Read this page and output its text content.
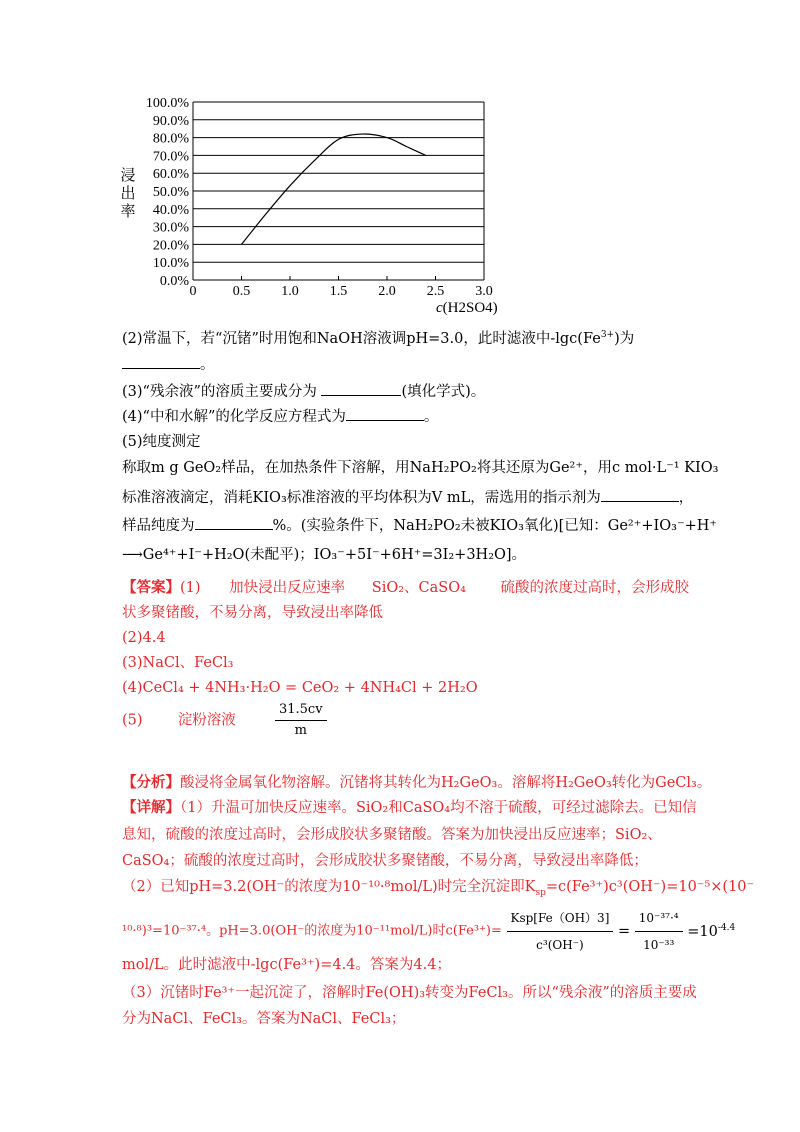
0.0%
10.0%
20.0%
30.0%
40.0%
50.0%
60.0%
70.0%
80.0%
90.0%
100.0%
0	0.5 1.0 1.5 2.0 2.5 3.0
浸出率
c(H2SO4)
(2)常温下，若“沉锗”时用饱和NaOH溶液调pH=3.0，此时滤液中$-\lg c(Fe^{3+})$为
。
(3)“残余液”的溶质主要成分为	(填化学式)。
(4)“中和水解”的化学反应方程式为	。
(5)纯度测定
称取m g GeO₂样品，在加热条件下溶解，用NaH₂PO₂将其还原为Ge²⁺，用c mol·L⁻¹ KIO₃
标准溶液滴定，消耗KIO₃标准溶液的平均体积为V mL，需选用的指示剂为	，
样品纯度为	%。(实验条件下，NaH₂PO₂未被KIO₃氧化)[已知：Ge²⁺+IO₃⁻+H⁺
⟶Ge⁴⁺+I⁻+H₂O(未配平)；IO₃⁻+5I⁻+6H⁺=3I₂+3H₂O]。
【答案】(1) 加快浸出反应速率 SiO₂、CaSO₄ 硫酸的浓度过高时，会形成胶
状多聚锗酸，不易分离，导致浸出率降低
(2)4.4
(3)NaCl、FeCl₃
(4)CeCl₄ + 4NH₃·H₂O = CeO₂ + 4NH₄Cl + 2H₂O
(5) 淀粉溶液	$\frac{31.5cv}{m}$
【分析】酸浸将金属氧化物溶解。沉锗将其转化为H₂GeO₃。溶解将H₂GeO₃转化为GeCl₃。
【详解】（1）升温可加快反应速率。SiO₂和CaSO₄均不溶于硫酸，可经过滤除去。已知信
息知，硫酸的浓度过高时，会形成胶状多聚锗酸。答案为加快浸出反应速率；SiO₂、
CaSO₄；硫酸的浓度过高时，会形成胶状多聚锗酸，不易分离，导致浸出率降低；
（2）已知pH=3.2(OH⁻的浓度为10⁻¹⁰·⁸mol/L)时完全沉淀即$K_{sp}=c(Fe^{3+})c^3(OH^-)=10^{-5}\times(10^-$
¹⁰·⁸)³=10⁻³⁷·⁴。pH=3.0(OH⁻的浓度为10⁻¹¹mol/L)时$c(Fe^{3+})= \frac{\text{Ksp[Fe（OH）3]}}{\text{c³(OH⁻)}} = \frac{\text{10⁻³⁷·⁴}}{\text{10⁻³³}} =10^{-4.4}$
mol/L。此时滤液中-lgc(Fe³⁺)=4.4。答案为4.4；
（3）沉锗时Fe³⁺一起沉淀了，溶解时Fe(OH)₃转变为FeCl₃。所以“残余液”的溶质主要成
分为NaCl、FeCl₃。答案为NaCl、FeCl₃；
